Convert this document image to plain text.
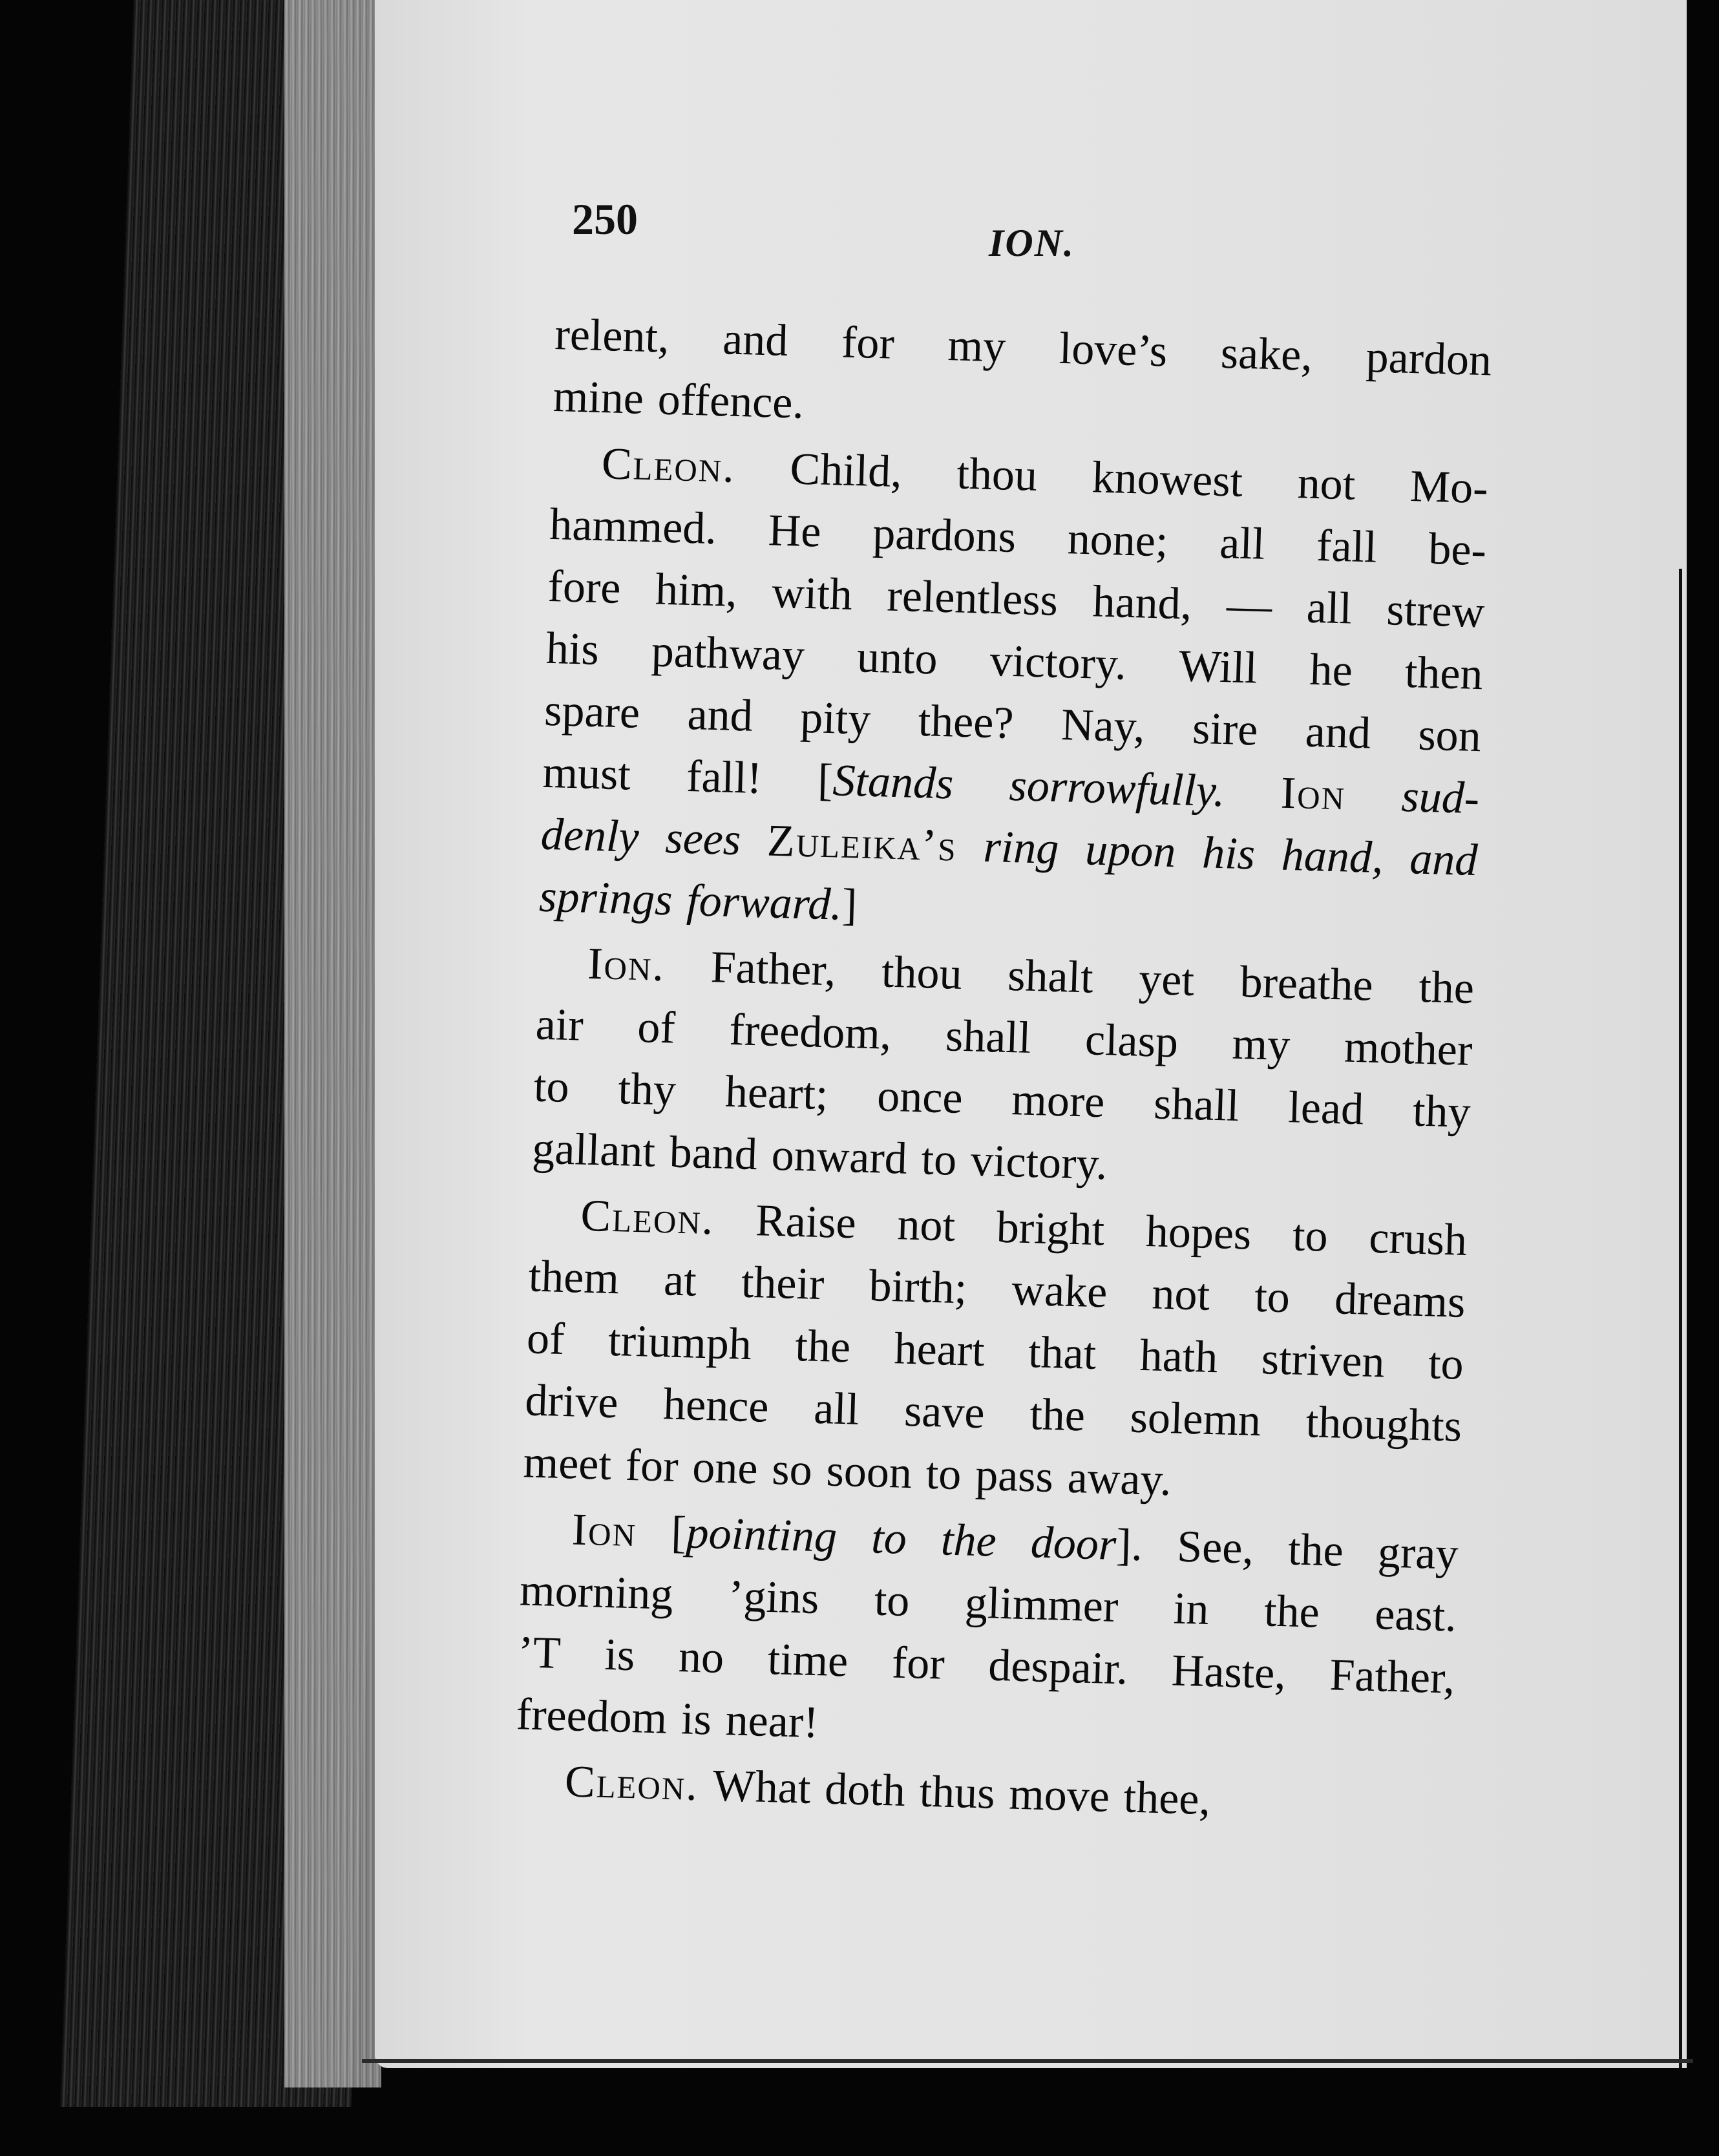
250	ION.
relent, and for my love’s sake, pardon
mine offence.
Cleon. Child, thou knowest not Mo-
hammed. He pardons none; all fall be-
fore him, with relentless hand, — all strew
his pathway unto victory. Will he then
spare and pity thee? Nay, sire and son
must fall! [Stands sorrowfully. Ion sud-
denly sees Zuleika’s ring upon his hand, and
springs forward.]
Ion. Father, thou shalt yet breathe the
air of freedom, shall clasp my mother
to thy heart; once more shall lead thy
gallant band onward to victory.
Cleon. Raise not bright hopes to crush
them at their birth; wake not to dreams
of triumph the heart that hath striven to
drive hence all save the solemn thoughts
meet for one so soon to pass away.
Ion [pointing to the door]. See, the gray
morning ’gins to glimmer in the east.
’T is no time for despair. Haste, Father,
freedom is near!
Cleon. What doth thus move thee,
